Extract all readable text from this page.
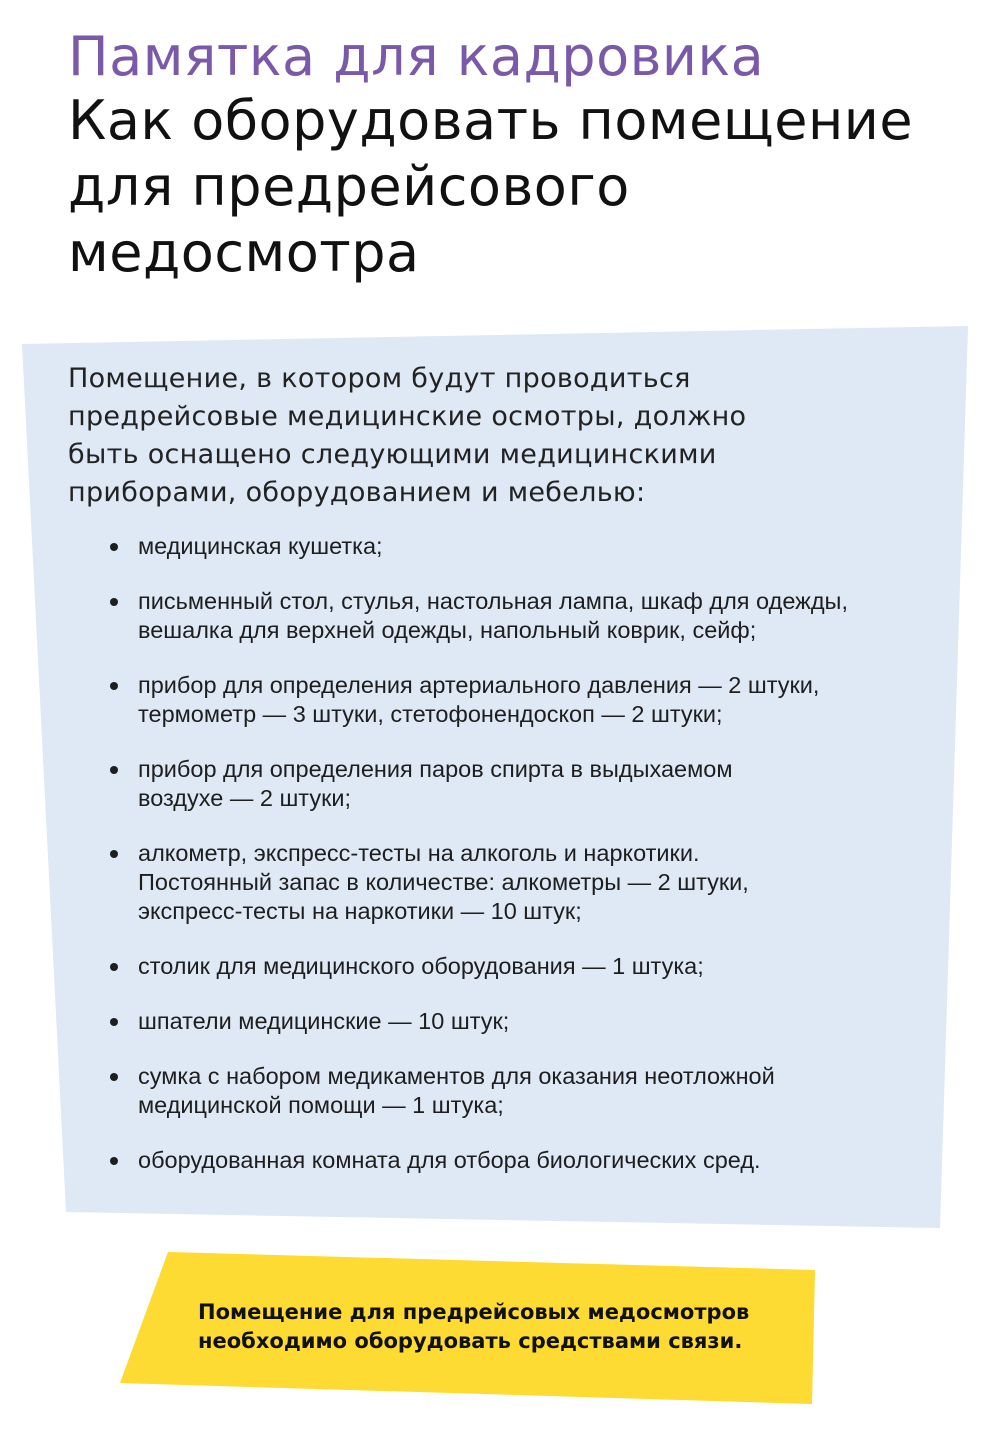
Памятка для кадровика
Как оборудовать помещение
для предрейсового
медосмотра
Помещение, в котором будут проводиться
предрейсовые медицинские осмотры, должно
быть оснащено следующими медицинскими
приборами, оборудованием и мебелью:
медицинская кушетка;
письменный стол, стулья, настольная лампа, шкаф для одежды,
вешалка для верхней одежды, напольный коврик, сейф;
прибор для определения артериального давления — 2 штуки,
термометр — 3 штуки, стетофонендоскоп — 2 штуки;
прибор для определения паров спирта в выдыхаемом
воздухе — 2 штуки;
алкометр, экспресс-тесты на алкоголь и наркотики.
Постоянный запас в количестве: алкометры — 2 штуки,
экспресс-тесты на наркотики — 10 штук;
столик для медицинского оборудования — 1 штука;
шпатели медицинские — 10 штук;
сумка с набором медикаментов для оказания неотложной
медицинской помощи — 1 штука;
оборудованная комната для отбора биологических сред.
Помещение для предрейсовых медосмотров
необходимо оборудовать средствами связи.
